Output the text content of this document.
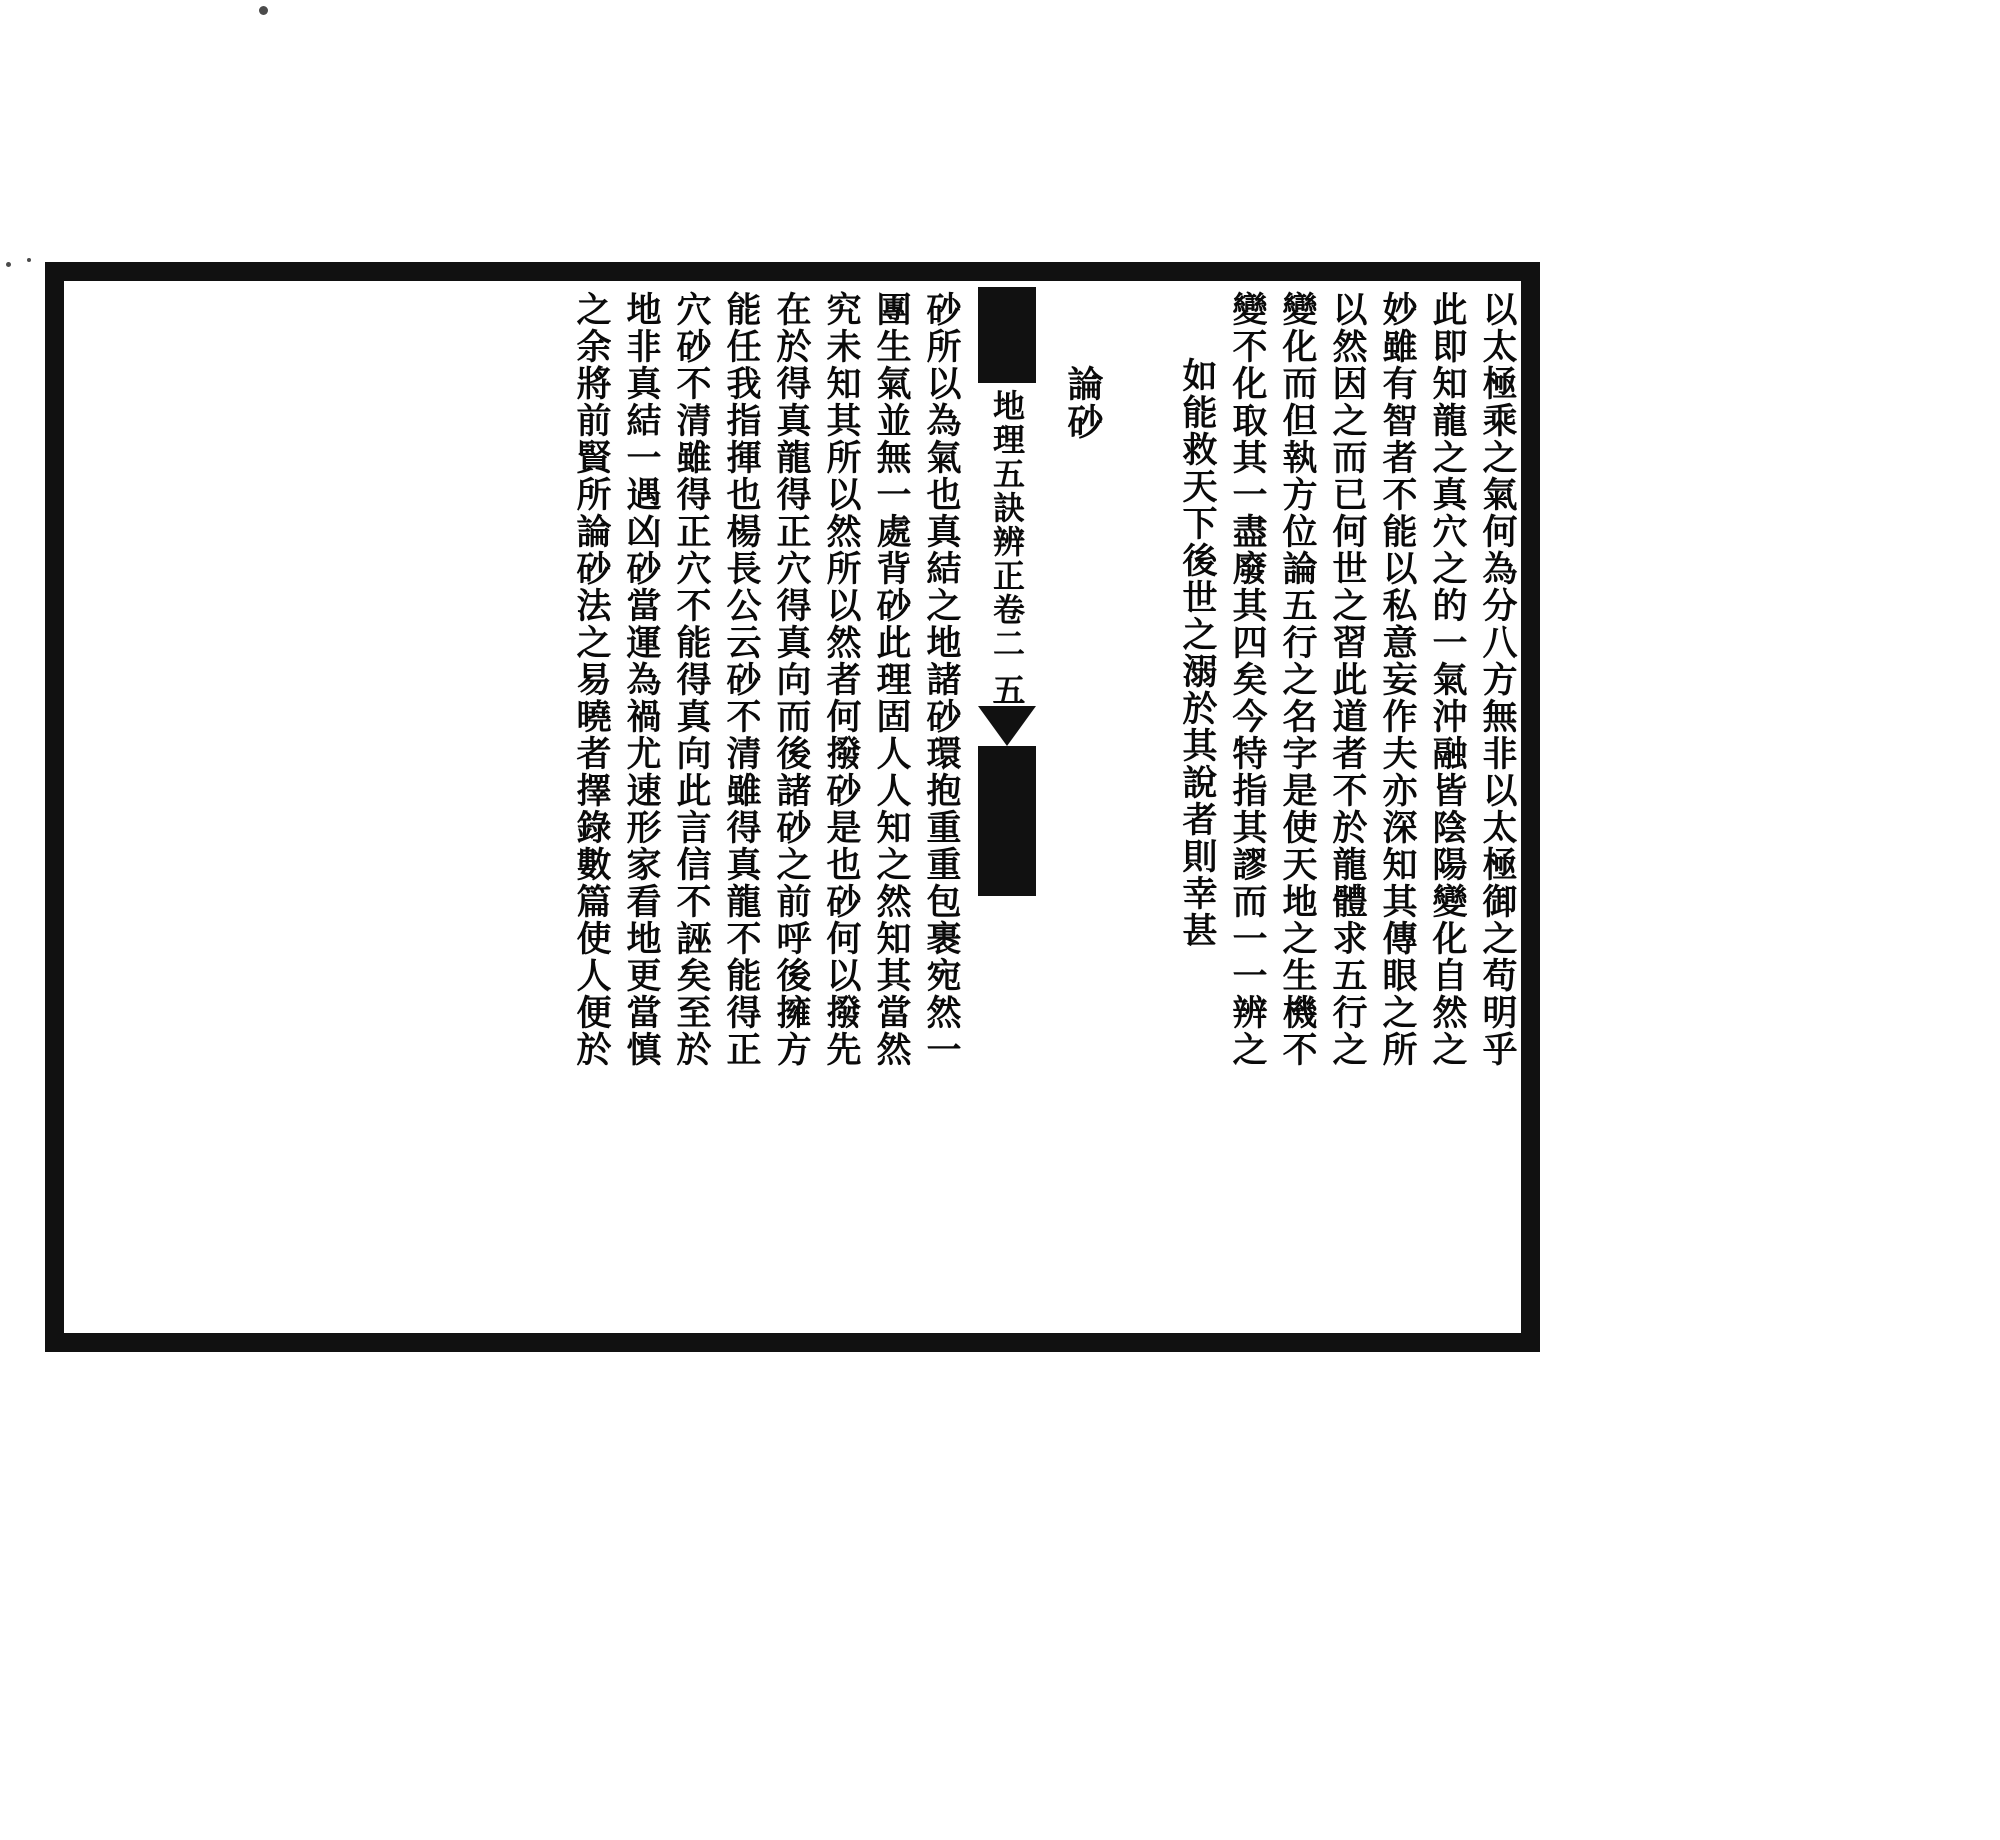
以太極乘之氣何為分八方無非以太極御之苟明乎
此即知龍之真穴之的一氣沖融皆陰陽變化自然之
妙雖有智者不能以私意妄作夫亦深知其傳眼之所
以然因之而已何世之習此道者不於龍體求五行之
變化而但執方位論五行之名字是使天地之生機不
變不化取其一盡廢其四矣今特指其謬而一一辨之
如能救天下後世之溺於其說者則幸甚
論砂
地理五訣辨正卷二
五
砂所以為氣也真結之地諸砂環抱重重包裹宛然一
團生氣並無一處背砂此理固人人知之然知其當然
究未知其所以然所以然者何撥砂是也砂何以撥先
在於得真龍得正穴得真向而後諸砂之前呼後擁方
能任我指揮也楊長公云砂不清雖得真龍不能得正
穴砂不清雖得正穴不能得真向此言信不誣矣至於
地非真結一遇凶砂當運為禍尤速形家看地更當慎
之余將前賢所論砂法之易曉者擇錄數篇使人便於
